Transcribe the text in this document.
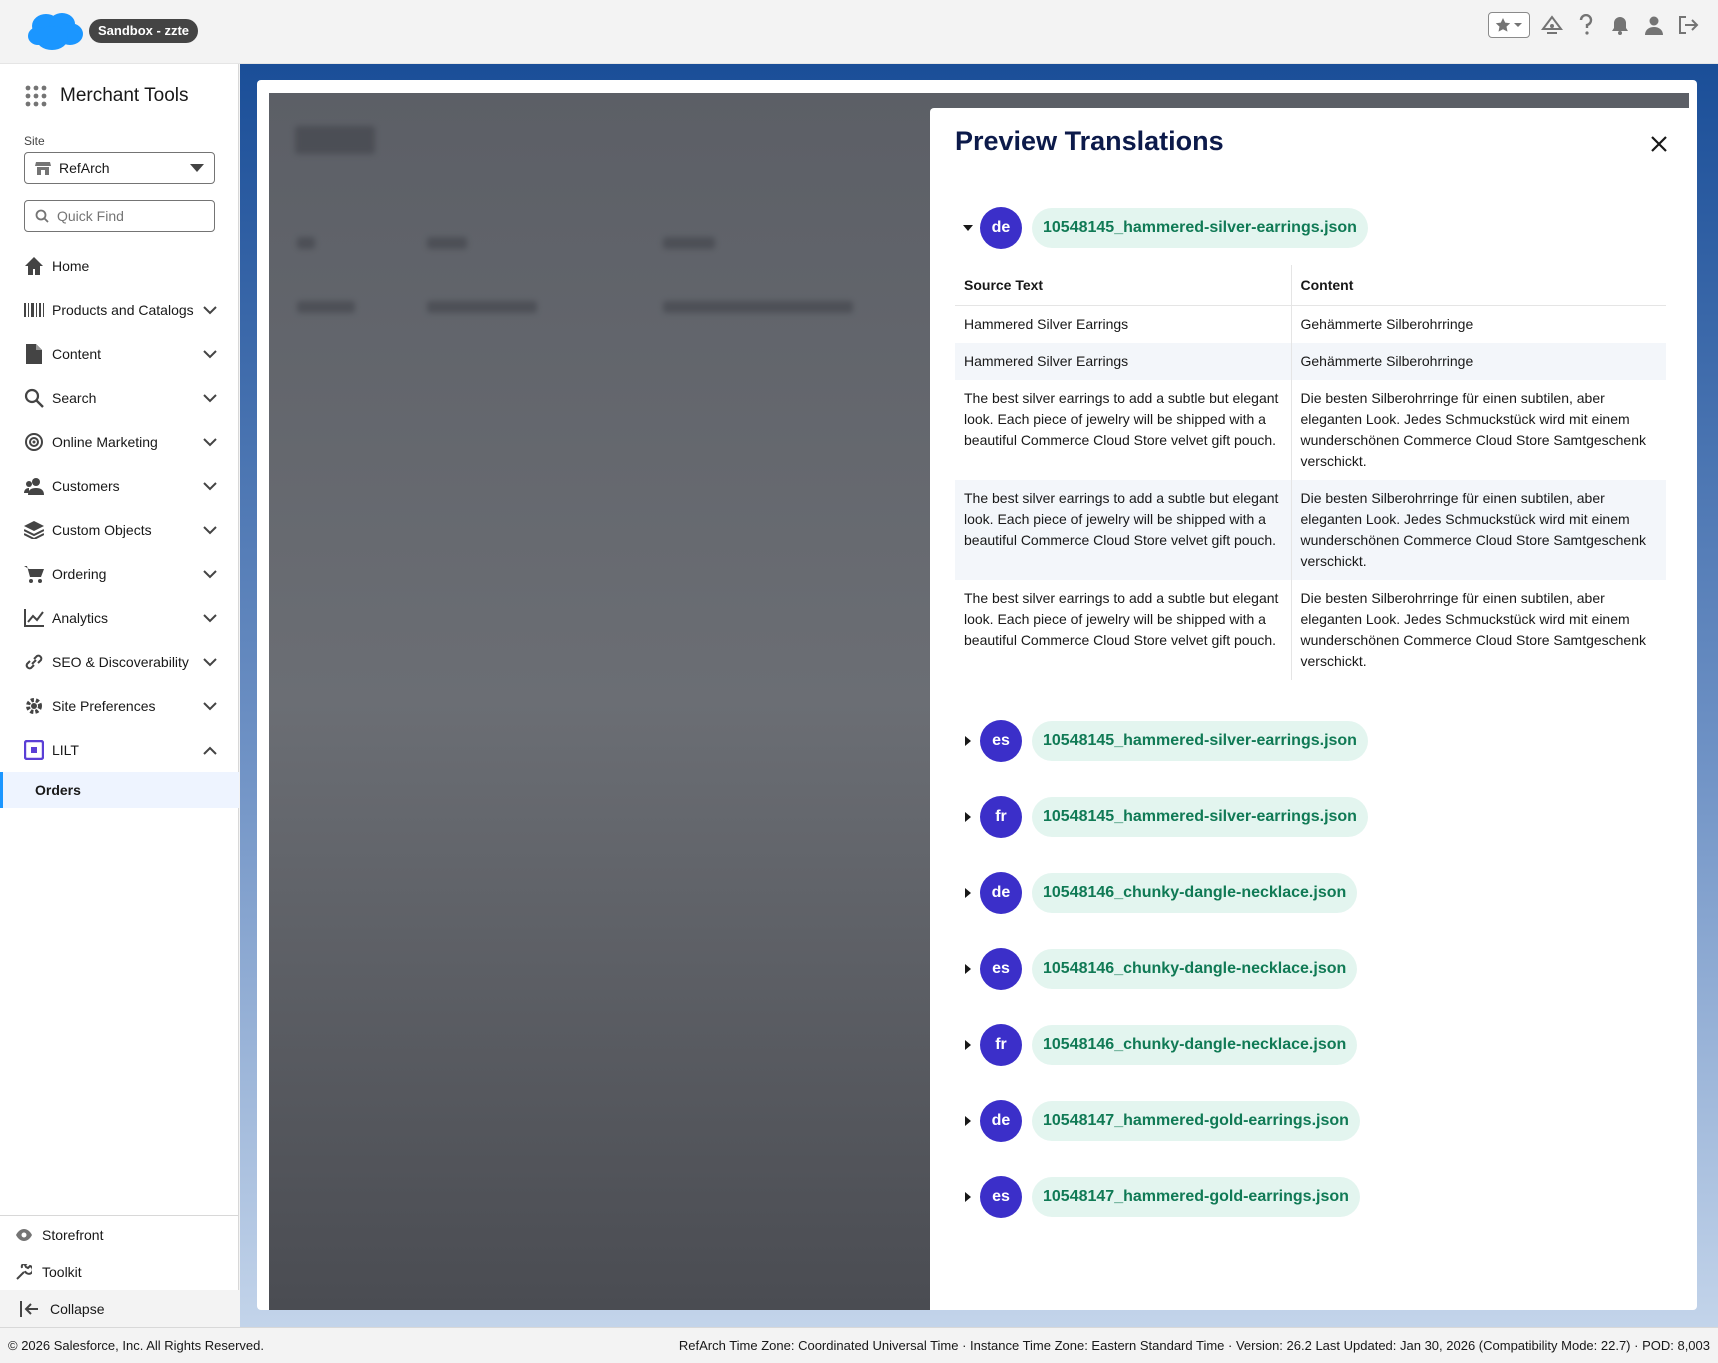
Sandbox - zzte
Merchant Tools
Site
RefArch
Quick Find
Home
Products and Catalogs
Content
Search
Online Marketing
Customers
Custom Objects
Ordering
Analytics
SEO & Discoverability
Site Preferences
LILT
Orders
Storefront
Toolkit
Collapse
Preview Translations
de	10548145_hammered-silver-earrings.json
Source Text	Content
Hammered Silver Earrings	Gehämmerte Silberohrringe
Hammered Silver Earrings	Gehämmerte Silberohrringe
The best silver earrings to add a subtle but elegant look. Each piece of jewelry will be shipped with a beautiful Commerce Cloud Store velvet gift pouch.	Die besten Silberohrringe für einen subtilen, aber eleganten Look. Jedes Schmuckstück wird mit einem wunderschönen Commerce Cloud Store Samtgeschenk verschickt.
The best silver earrings to add a subtle but elegant look. Each piece of jewelry will be shipped with a beautiful Commerce Cloud Store velvet gift pouch.	Die besten Silberohrringe für einen subtilen, aber eleganten Look. Jedes Schmuckstück wird mit einem wunderschönen Commerce Cloud Store Samtgeschenk verschickt.
The best silver earrings to add a subtle but elegant look. Each piece of jewelry will be shipped with a beautiful Commerce Cloud Store velvet gift pouch.	Die besten Silberohrringe für einen subtilen, aber eleganten Look. Jedes Schmuckstück wird mit einem wunderschönen Commerce Cloud Store Samtgeschenk verschickt.
es	10548145_hammered-silver-earrings.json
fr	10548145_hammered-silver-earrings.json
de	10548146_chunky-dangle-necklace.json
es	10548146_chunky-dangle-necklace.json
fr	10548146_chunky-dangle-necklace.json
de	10548147_hammered-gold-earrings.json
es	10548147_hammered-gold-earrings.json
© 2026 Salesforce, Inc. All Rights Reserved.	RefArch Time Zone: Coordinated Universal Time · Instance Time Zone: Eastern Standard Time · Version: 26.2 Last Updated: Jan 30, 2026 (Compatibility Mode: 22.7) · POD: 8,003
